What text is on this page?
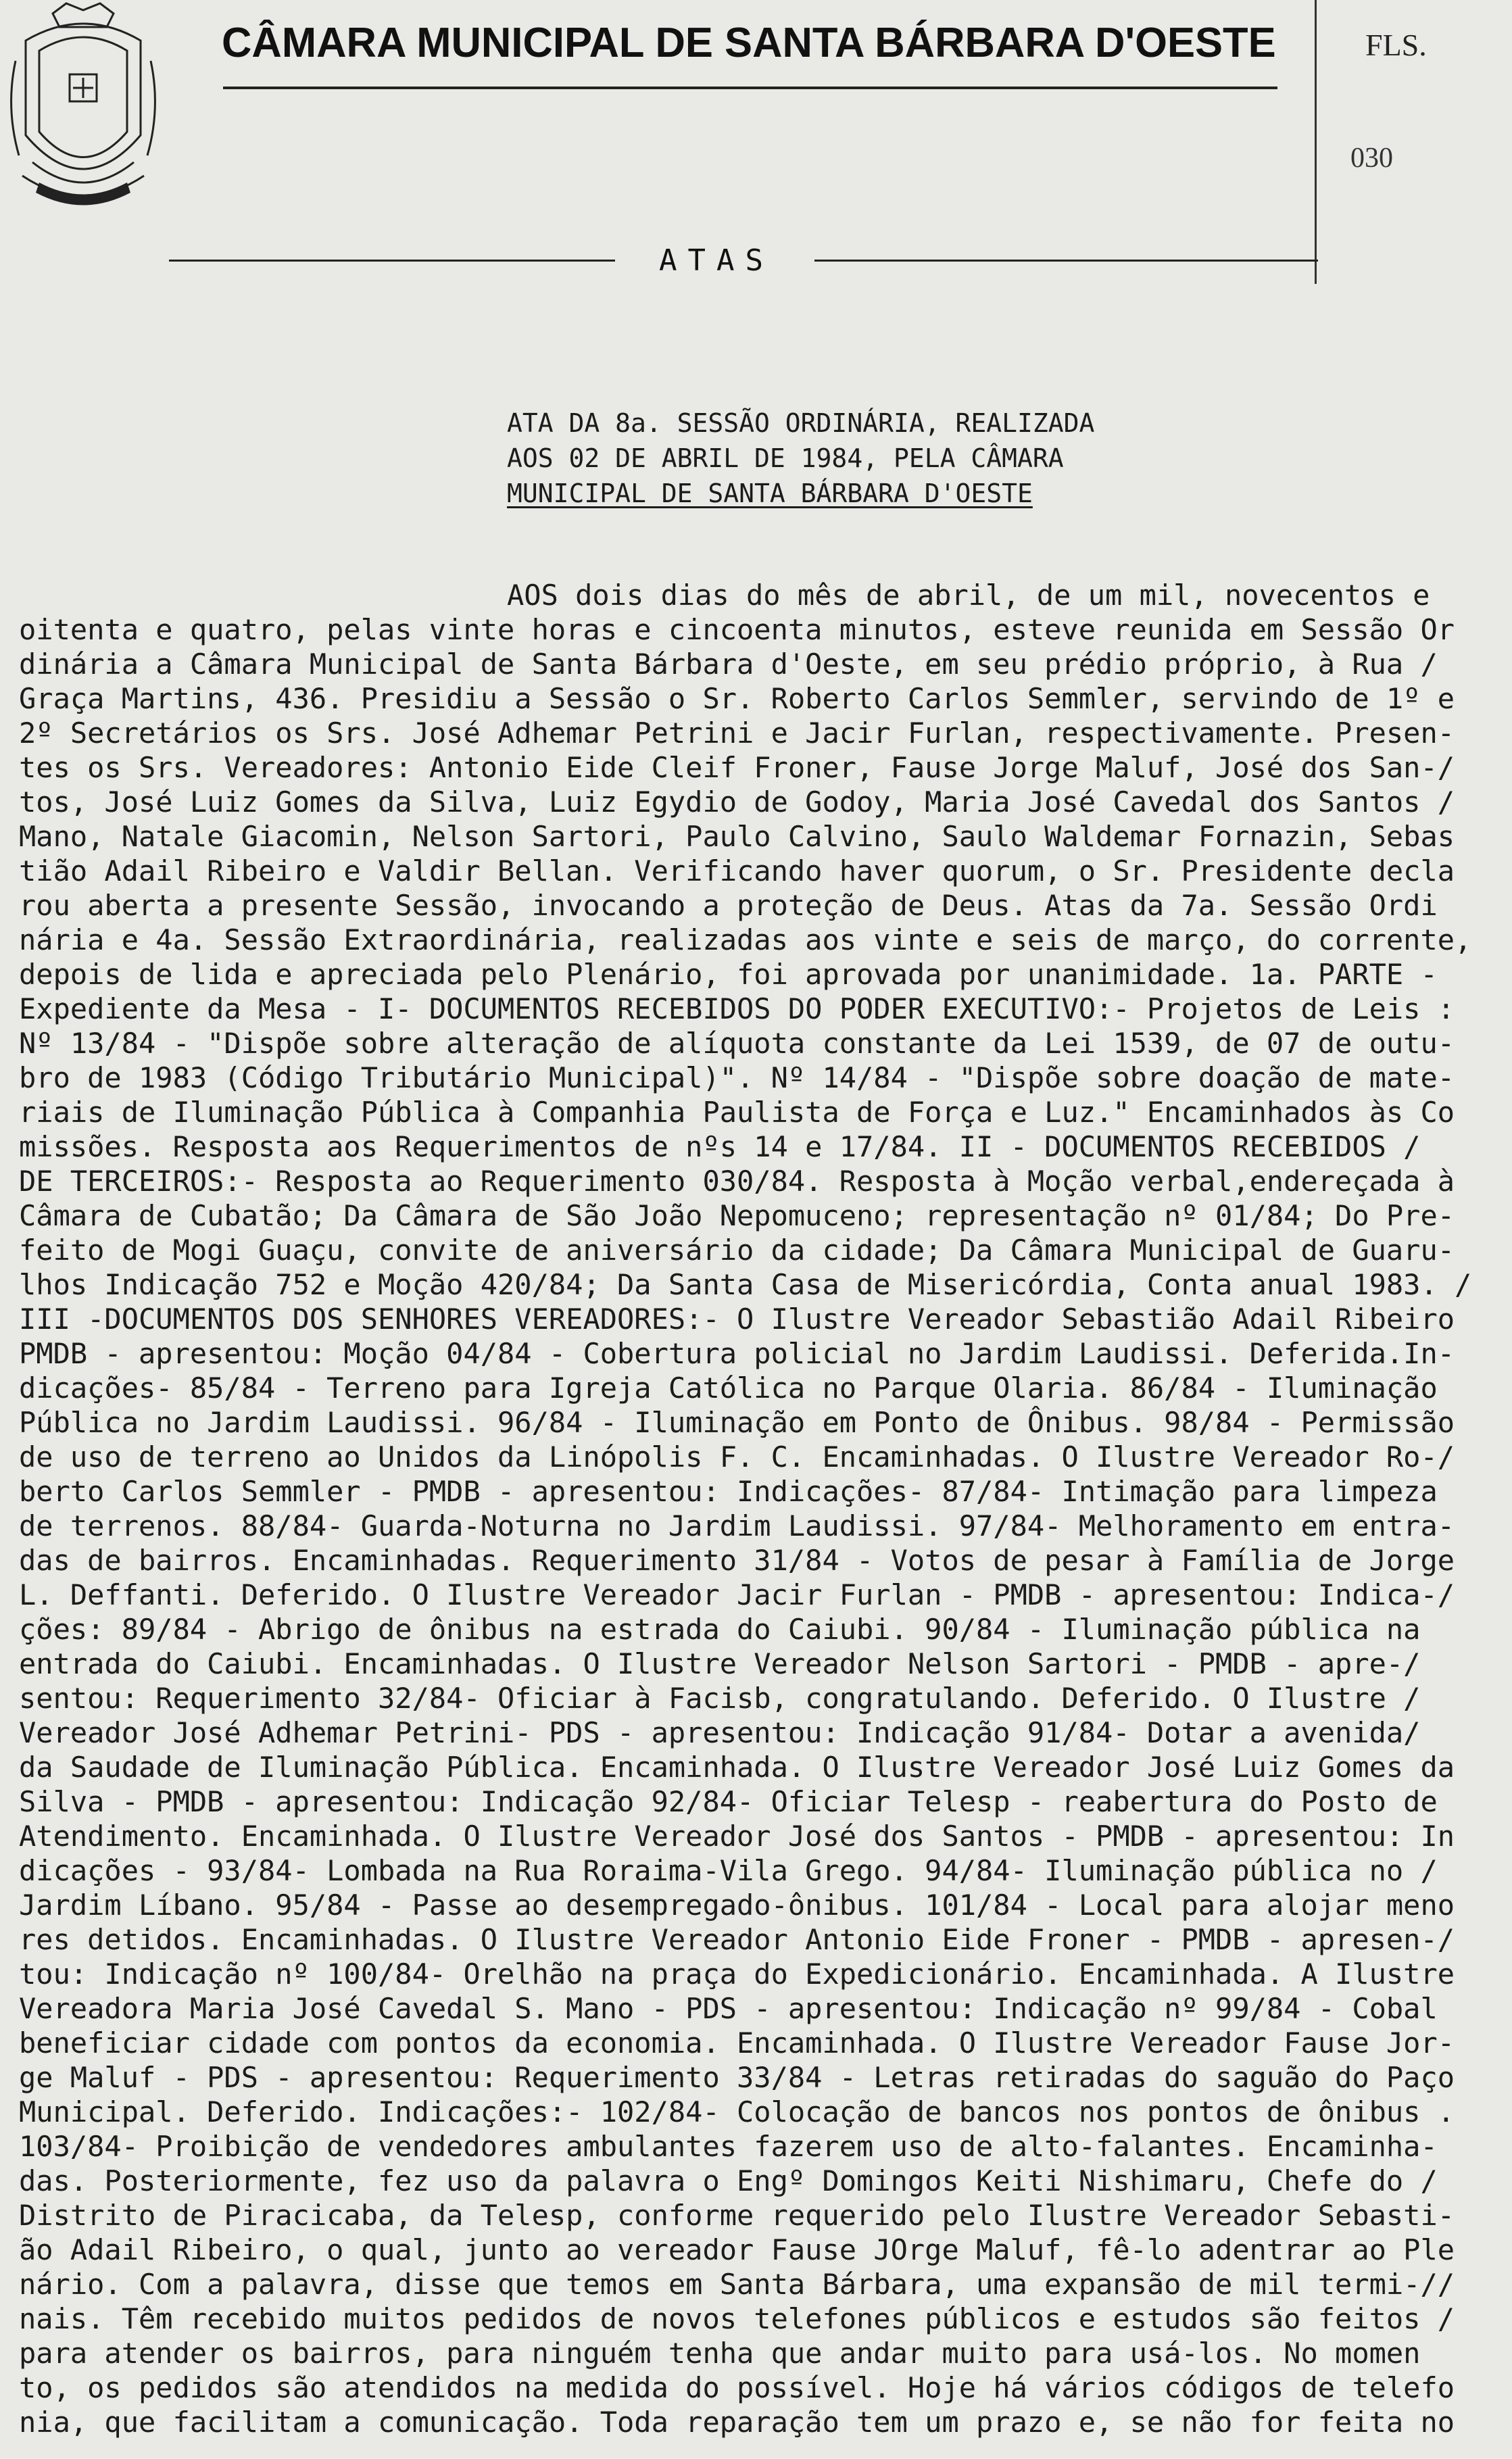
CÂMARA MUNICIPAL DE SANTA BÁRBARA D'OESTE	FLS.
030
ATAS
ATA DA 8a. SESSÃO ORDINÁRIA, REALIZADA
AOS 02 DE ABRIL DE 1984, PELA CÂMARA
MUNICIPAL DE SANTA BÁRBARA D'OESTE
AOS dois dias do mês de abril, de um mil, novecentos e
oitenta e quatro, pelas vinte horas e cincoenta minutos, esteve reunida em Sessão Or
dinária a Câmara Municipal de Santa Bárbara d'Oeste, em seu prédio próprio, à Rua /
Graça Martins, 436. Presidiu a Sessão o Sr. Roberto Carlos Semmler, servindo de 1º e
2º Secretários os Srs. José Adhemar Petrini e Jacir Furlan, respectivamente. Presen-
tes os Srs. Vereadores: Antonio Eide Cleif Froner, Fause Jorge Maluf, José dos San-/
tos, José Luiz Gomes da Silva, Luiz Egydio de Godoy, Maria José Cavedal dos Santos /
Mano, Natale Giacomin, Nelson Sartori, Paulo Calvino, Saulo Waldemar Fornazin, Sebas
tião Adail Ribeiro e Valdir Bellan. Verificando haver quorum, o Sr. Presidente decla
rou aberta a presente Sessão, invocando a proteção de Deus. Atas da 7a. Sessão Ordi
nária e 4a. Sessão Extraordinária, realizadas aos vinte e seis de março, do corrente,
depois de lida e apreciada pelo Plenário, foi aprovada por unanimidade. 1a. PARTE -
Expediente da Mesa - I- DOCUMENTOS RECEBIDOS DO PODER EXECUTIVO:- Projetos de Leis :
Nº 13/84 - "Dispõe sobre alteração de alíquota constante da Lei 1539, de 07 de outu-
bro de 1983 (Código Tributário Municipal)". Nº 14/84 - "Dispõe sobre doação de mate-
riais de Iluminação Pública à Companhia Paulista de Força e Luz." Encaminhados às Co
missões. Resposta aos Requerimentos de nºs 14 e 17/84. II - DOCUMENTOS RECEBIDOS /
DE TERCEIROS:- Resposta ao Requerimento 030/84. Resposta à Moção verbal,endereçada à
Câmara de Cubatão; Da Câmara de São João Nepomuceno; representação nº 01/84; Do Pre-
feito de Mogi Guaçu, convite de aniversário da cidade; Da Câmara Municipal de Guaru-
lhos Indicação 752 e Moção 420/84; Da Santa Casa de Misericórdia, Conta anual 1983. /
III -DOCUMENTOS DOS SENHORES VEREADORES:- O Ilustre Vereador Sebastião Adail Ribeiro
PMDB - apresentou: Moção 04/84 - Cobertura policial no Jardim Laudissi. Deferida.In-
dicações- 85/84 - Terreno para Igreja Católica no Parque Olaria. 86/84 - Iluminação
Pública no Jardim Laudissi. 96/84 - Iluminação em Ponto de Ônibus. 98/84 - Permissão
de uso de terreno ao Unidos da Linópolis F. C. Encaminhadas. O Ilustre Vereador Ro-/
berto Carlos Semmler - PMDB - apresentou: Indicações- 87/84- Intimação para limpeza
de terrenos. 88/84- Guarda-Noturna no Jardim Laudissi. 97/84- Melhoramento em entra-
das de bairros. Encaminhadas. Requerimento 31/84 - Votos de pesar à Família de Jorge
L. Deffanti. Deferido. O Ilustre Vereador Jacir Furlan - PMDB - apresentou: Indica-/
ções: 89/84 - Abrigo de ônibus na estrada do Caiubi. 90/84 - Iluminação pública na
entrada do Caiubi. Encaminhadas. O Ilustre Vereador Nelson Sartori - PMDB - apre-/
sentou: Requerimento 32/84- Oficiar à Facisb, congratulando. Deferido. O Ilustre /
Vereador José Adhemar Petrini- PDS - apresentou: Indicação 91/84- Dotar a avenida/
da Saudade de Iluminação Pública. Encaminhada. O Ilustre Vereador José Luiz Gomes da
Silva - PMDB - apresentou: Indicação 92/84- Oficiar Telesp - reabertura do Posto de
Atendimento. Encaminhada. O Ilustre Vereador José dos Santos - PMDB - apresentou: In
dicações - 93/84- Lombada na Rua Roraima-Vila Grego. 94/84- Iluminação pública no /
Jardim Líbano. 95/84 - Passe ao desempregado-ônibus. 101/84 - Local para alojar meno
res detidos. Encaminhadas. O Ilustre Vereador Antonio Eide Froner - PMDB - apresen-/
tou: Indicação nº 100/84- Orelhão na praça do Expedicionário. Encaminhada. A Ilustre
Vereadora Maria José Cavedal S. Mano - PDS - apresentou: Indicação nº 99/84 - Cobal
beneficiar cidade com pontos da economia. Encaminhada. O Ilustre Vereador Fause Jor-
ge Maluf - PDS - apresentou: Requerimento 33/84 - Letras retiradas do saguão do Paço
Municipal. Deferido. Indicações:- 102/84- Colocação de bancos nos pontos de ônibus .
103/84- Proibição de vendedores ambulantes fazerem uso de alto-falantes. Encaminha-
das. Posteriormente, fez uso da palavra o Engº Domingos Keiti Nishimaru, Chefe do /
Distrito de Piracicaba, da Telesp, conforme requerido pelo Ilustre Vereador Sebasti-
ão Adail Ribeiro, o qual, junto ao vereador Fause JOrge Maluf, fê-lo adentrar ao Ple
nário. Com a palavra, disse que temos em Santa Bárbara, uma expansão de mil termi-//
nais. Têm recebido muitos pedidos de novos telefones públicos e estudos são feitos /
para atender os bairros, para ninguém tenha que andar muito para usá-los. No momen
to, os pedidos são atendidos na medida do possível. Hoje há vários códigos de telefo
nia, que facilitam a comunicação. Toda reparação tem um prazo e, se não for feita no
